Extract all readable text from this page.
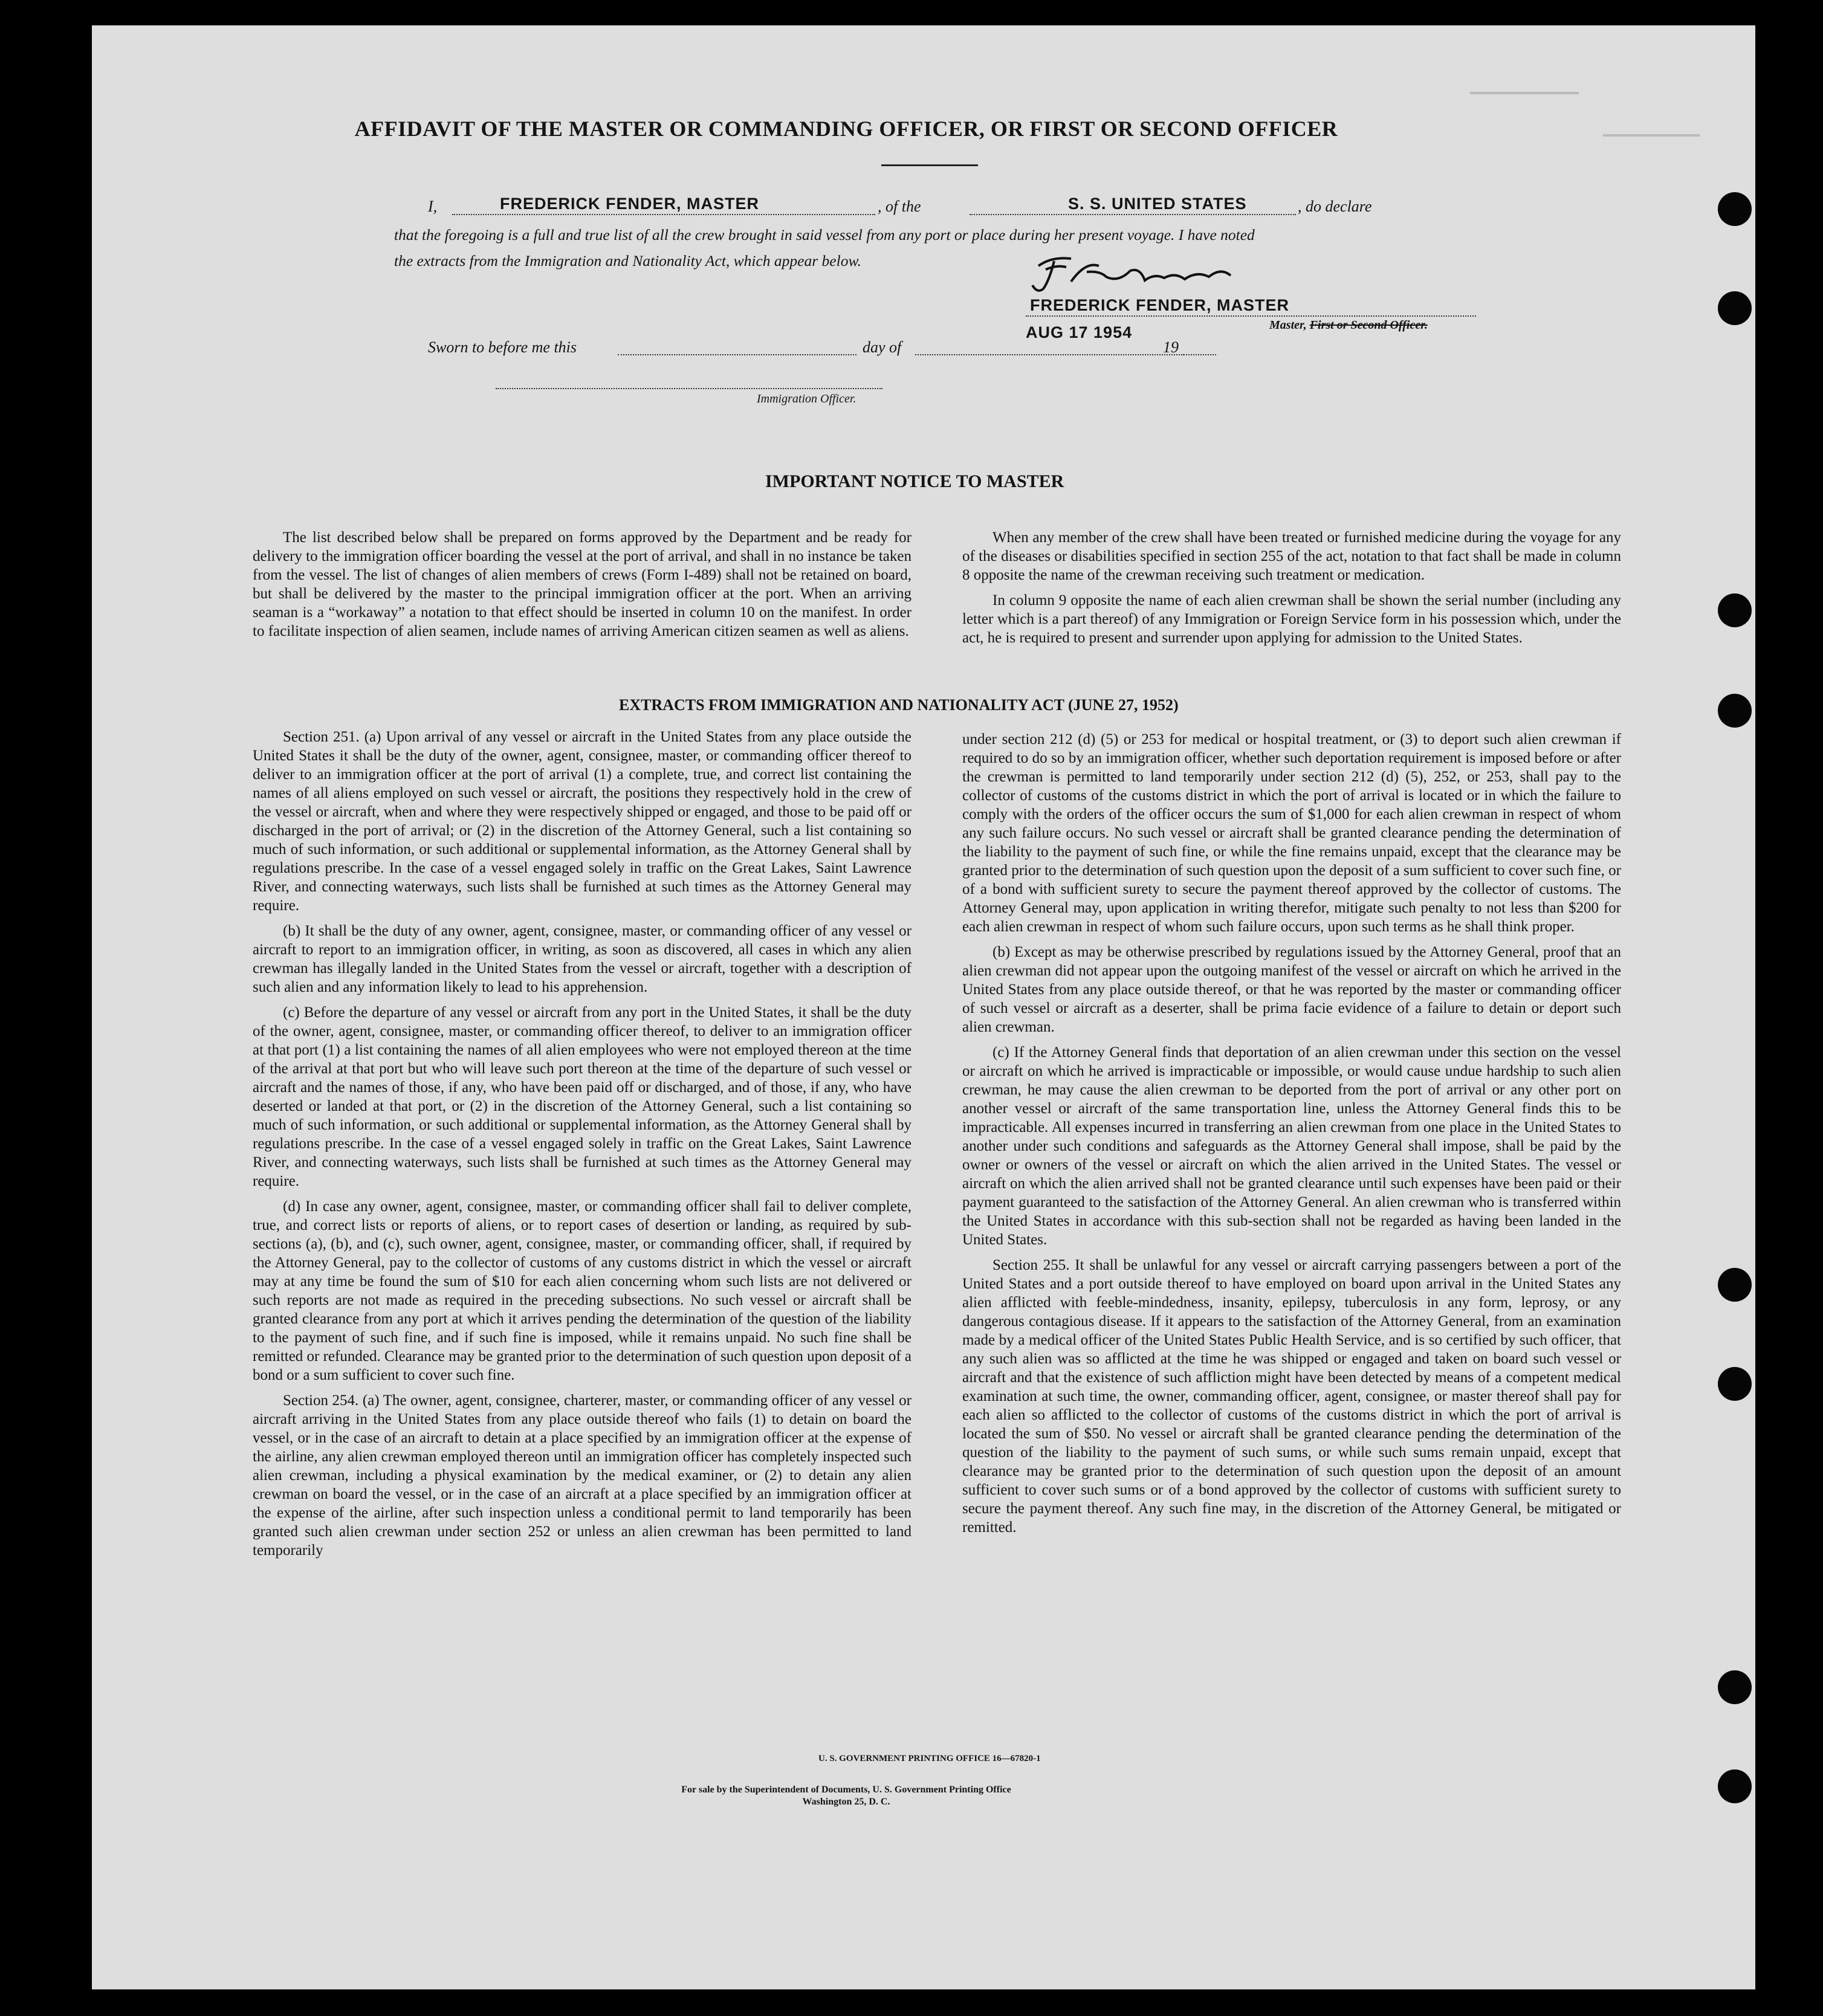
AFFIDAVIT OF THE MASTER OR COMMANDING OFFICER, OR FIRST OR SECOND OFFICER
I,	FREDERICK FENDER, MASTER	, of the	S. S. UNITED STATES	, do declare
that the foregoing is a full and true list of all the crew brought in said vessel from any port or place during her present voyage. I have noted
the extracts from the Immigration and Nationality Act, which appear below.
FREDERICK FENDER, MASTER
Master, First or Second Officer.
AUG 17 1954
Sworn to before me this	day of	19
Immigration Officer.
IMPORTANT NOTICE TO MASTER

The list described below shall be prepared on forms approved by the Department and be ready for delivery to the immigration officer boarding the vessel at the port of arrival, and shall in no instance be taken from the vessel. The list of changes of alien members of crews (Form I-489) shall not be retained on board, but shall be delivered by the master to the principal immigration officer at the port. When an arriving seaman is a “workaway” a notation to that effect should be inserted in column 10 on the manifest. In order to facilitate inspection of alien seamen, include names of arriving American citizen seamen as well as aliens.

When any member of the crew shall have been treated or furnished medicine during the voyage for any of the diseases or disabilities specified in section 255 of the act, notation to that fact shall be made in column 8 opposite the name of the crewman receiving such treatment or medication.

In column 9 opposite the name of each alien crewman shall be shown the serial number (including any letter which is a part thereof) of any Immigration or Foreign Service form in his possession which, under the act, he is required to present and surrender upon applying for admission to the United States.

EXTRACTS FROM IMMIGRATION AND NATIONALITY ACT (JUNE 27, 1952)

Section 251. (a) Upon arrival of any vessel or aircraft in the United States from any place outside the United States it shall be the duty of the owner, agent, consignee, master, or commanding officer thereof to deliver to an immigration officer at the port of arrival (1) a complete, true, and correct list containing the names of all aliens employed on such vessel or aircraft, the positions they respectively hold in the crew of the vessel or aircraft, when and where they were respectively shipped or engaged, and those to be paid off or discharged in the port of arrival; or (2) in the discretion of the Attorney General, such a list containing so much of such information, or such additional or supplemental information, as the Attorney General shall by regulations prescribe. In the case of a vessel engaged solely in traffic on the Great Lakes, Saint Lawrence River, and connecting waterways, such lists shall be furnished at such times as the Attorney General may require.

(b) It shall be the duty of any owner, agent, consignee, master, or commanding officer of any vessel or aircraft to report to an immigration officer, in writing, as soon as discovered, all cases in which any alien crewman has illegally landed in the United States from the vessel or aircraft, together with a description of such alien and any information likely to lead to his apprehension.

(c) Before the departure of any vessel or aircraft from any port in the United States, it shall be the duty of the owner, agent, consignee, master, or commanding officer thereof, to deliver to an immigration officer at that port (1) a list containing the names of all alien employees who were not employed thereon at the time of the arrival at that port but who will leave such port thereon at the time of the departure of such vessel or aircraft and the names of those, if any, who have been paid off or discharged, and of those, if any, who have deserted or landed at that port, or (2) in the discretion of the Attorney General, such a list containing so much of such information, or such additional or supplemental information, as the Attorney General shall by regulations prescribe. In the case of a vessel engaged solely in traffic on the Great Lakes, Saint Lawrence River, and connecting waterways, such lists shall be furnished at such times as the Attorney General may require.

(d) In case any owner, agent, consignee, master, or commanding officer shall fail to deliver complete, true, and correct lists or reports of aliens, or to report cases of desertion or landing, as required by sub-sections (a), (b), and (c), such owner, agent, consignee, master, or commanding officer, shall, if required by the Attorney General, pay to the collector of customs of any customs district in which the vessel or aircraft may at any time be found the sum of $10 for each alien concerning whom such lists are not delivered or such reports are not made as required in the preceding subsections. No such vessel or aircraft shall be granted clearance from any port at which it arrives pending the determination of the question of the liability to the payment of such fine, and if such fine is imposed, while it remains unpaid. No such fine shall be remitted or refunded. Clearance may be granted prior to the determination of such question upon deposit of a bond or a sum sufficient to cover such fine.

Section 254. (a) The owner, agent, consignee, charterer, master, or commanding officer of any vessel or aircraft arriving in the United States from any place outside thereof who fails (1) to detain on board the vessel, or in the case of an aircraft to detain at a place specified by an immigration officer at the expense of the airline, any alien crewman employed thereon until an immigration officer has completely inspected such alien crewman, including a physical examination by the medical examiner, or (2) to detain any alien crewman on board the vessel, or in the case of an aircraft at a place specified by an immigration officer at the expense of the airline, after such inspection unless a conditional permit to land temporarily has been granted such alien crewman under section 252 or unless an alien crewman has been permitted to land temporarily

under section 212 (d) (5) or 253 for medical or hospital treatment, or (3) to deport such alien crewman if required to do so by an immigration officer, whether such deportation requirement is imposed before or after the crewman is permitted to land temporarily under section 212 (d) (5), 252, or 253, shall pay to the collector of customs of the customs district in which the port of arrival is located or in which the failure to comply with the orders of the officer occurs the sum of $1,000 for each alien crewman in respect of whom any such failure occurs. No such vessel or aircraft shall be granted clearance pending the determination of the liability to the payment of such fine, or while the fine remains unpaid, except that the clearance may be granted prior to the determination of such question upon the deposit of a sum sufficient to cover such fine, or of a bond with sufficient surety to secure the payment thereof approved by the collector of customs. The Attorney General may, upon application in writing therefor, mitigate such penalty to not less than $200 for each alien crewman in respect of whom such failure occurs, upon such terms as he shall think proper.

(b) Except as may be otherwise prescribed by regulations issued by the Attorney General, proof that an alien crewman did not appear upon the outgoing manifest of the vessel or aircraft on which he arrived in the United States from any place outside thereof, or that he was reported by the master or commanding officer of such vessel or aircraft as a deserter, shall be prima facie evidence of a failure to detain or deport such alien crewman.

(c) If the Attorney General finds that deportation of an alien crewman under this section on the vessel or aircraft on which he arrived is impracticable or impossible, or would cause undue hardship to such alien crewman, he may cause the alien crewman to be deported from the port of arrival or any other port on another vessel or aircraft of the same transportation line, unless the Attorney General finds this to be impracticable. All expenses incurred in transferring an alien crewman from one place in the United States to another under such conditions and safeguards as the Attorney General shall impose, shall be paid by the owner or owners of the vessel or aircraft on which the alien arrived in the United States. The vessel or aircraft on which the alien arrived shall not be granted clearance until such expenses have been paid or their payment guaranteed to the satisfaction of the Attorney General. An alien crewman who is transferred within the United States in accordance with this sub-section shall not be regarded as having been landed in the United States.

Section 255. It shall be unlawful for any vessel or aircraft carrying passengers between a port of the United States and a port outside thereof to have employed on board upon arrival in the United States any alien afflicted with feeble-mindedness, insanity, epilepsy, tuberculosis in any form, leprosy, or any dangerous contagious disease. If it appears to the satisfaction of the Attorney General, from an examination made by a medical officer of the United States Public Health Service, and is so certified by such officer, that any such alien was so afflicted at the time he was shipped or engaged and taken on board such vessel or aircraft and that the existence of such affliction might have been detected by means of a competent medical examination at such time, the owner, commanding officer, agent, consignee, or master thereof shall pay for each alien so afflicted to the collector of customs of the customs district in which the port of arrival is located the sum of $50. No vessel or aircraft shall be granted clearance pending the determination of the question of the liability to the payment of such sums, or while such sums remain unpaid, except that clearance may be granted prior to the determination of such question upon the deposit of an amount sufficient to cover such sums or of a bond approved by the collector of customs with sufficient surety to secure the payment thereof. Any such fine may, in the discretion of the Attorney General, be mitigated or remitted.

U. S. GOVERNMENT PRINTING OFFICE 16—67820-1
For sale by the Superintendent of Documents, U. S. Government Printing Office
Washington 25, D. C.
